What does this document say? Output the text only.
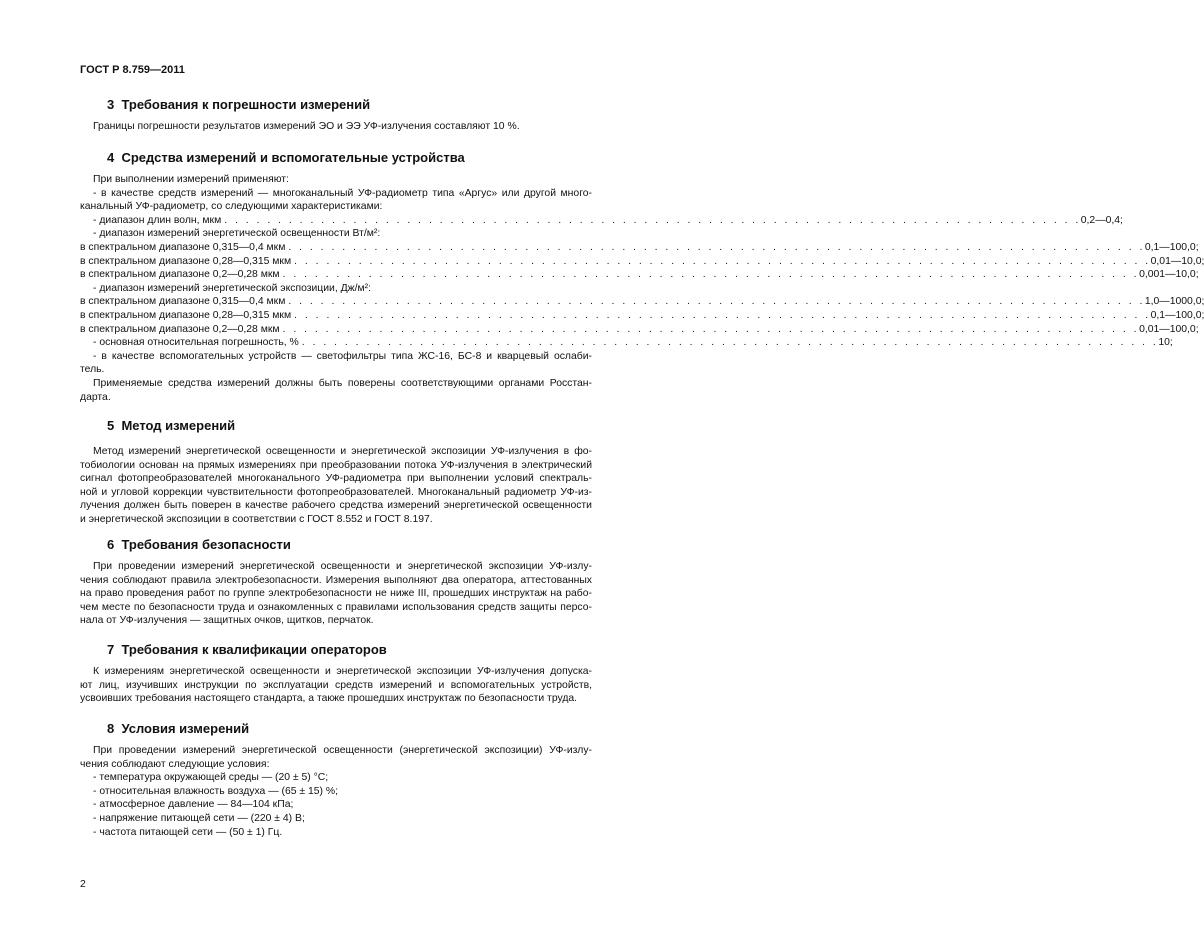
ГОСТ Р 8.759—2011
3  Требования к погрешности измерений
Границы погрешности результатов измерений ЭО и ЭЭ УФ-излучения составляют 10 %.
4  Средства измерений и вспомогательные устройства
При выполнении измерений применяют:
- в качестве средств измерений — многоканальный УФ-радиометр типа «Аргус» или другой много-
канальный УФ-радиометр, со следующими характеристиками:
- диапазон длин волн, мкм . . . . . . . . . . . . . . . . . . . . . . . . . . . . . . . . . . . . . . . . . . . . . . . . . . . . . . . . . . . . . . . . . . . . . . . . . . . . . . . . 0,2—0,4;
- диапазон измерений энергетической освещенности Вт/м²:
в спектральном диапазоне 0,315—0,4 мкм . . . . . . . . . . . . . . . . . . . . . . . . . . . . . . . . . . . . . . . . . . . . . . . . . . . . . . . . . . . . . . . . . . . . . . . . . . . . . . . . 0,1—100,0;
в спектральном диапазоне 0,28—0,315 мкм . . . . . . . . . . . . . . . . . . . . . . . . . . . . . . . . . . . . . . . . . . . . . . . . . . . . . . . . . . . . . . . . . . . . . . . . . . . . . . . . 0,01—10,0;
в спектральном диапазоне 0,2—0,28 мкм . . . . . . . . . . . . . . . . . . . . . . . . . . . . . . . . . . . . . . . . . . . . . . . . . . . . . . . . . . . . . . . . . . . . . . . . . . . . . . . . 0,001—10,0;
- диапазон измерений энергетической экспозиции, Дж/м²:
в спектральном диапазоне 0,315—0,4 мкм . . . . . . . . . . . . . . . . . . . . . . . . . . . . . . . . . . . . . . . . . . . . . . . . . . . . . . . . . . . . . . . . . . . . . . . . . . . . . . . . 1,0—1000,0;
в спектральном диапазоне 0,28—0,315 мкм . . . . . . . . . . . . . . . . . . . . . . . . . . . . . . . . . . . . . . . . . . . . . . . . . . . . . . . . . . . . . . . . . . . . . . . . . . . . . . . . 0,1—100,0;
в спектральном диапазоне 0,2—0,28 мкм . . . . . . . . . . . . . . . . . . . . . . . . . . . . . . . . . . . . . . . . . . . . . . . . . . . . . . . . . . . . . . . . . . . . . . . . . . . . . . . . 0,01—100,0;
- основная относительная погрешность, % . . . . . . . . . . . . . . . . . . . . . . . . . . . . . . . . . . . . . . . . . . . . . . . . . . . . . . . . . . . . . . . . . . . . . . . . . . . . . . . . 10;
- в качестве вспомогательных устройств — светофильтры типа ЖС-16, БС-8 и кварцевый ослаби-
тель.
Применяемые средства измерений должны быть поверены соответствующими органами Росстан-
дарта.
5  Метод измерений
Метод измерений энергетической освещенности и энергетической экспозиции УФ-излучения в фо-
тобиологии основан на прямых измерениях при преобразовании потока УФ-излучения в электрический
сигнал фотопреобразователей многоканального УФ-радиометра при выполнении условий спектраль-
ной и угловой коррекции чувствительности фотопреобразователей. Многоканальный радиометр УФ-из-
лучения должен быть поверен в качестве рабочего средства измерений энергетической освещенности
и энергетической экспозиции в соответствии с ГОСТ 8.552 и ГОСТ 8.197.
6  Требования безопасности
При проведении измерений энергетической освещенности и энергетической экспозиции УФ-излу-
чения соблюдают правила электробезопасности. Измерения выполняют два оператора, аттестованных
на право проведения работ по группе электробезопасности не ниже III, прошедших инструктаж на рабо-
чем месте по безопасности труда и ознакомленных с правилами использования средств защиты персо-
нала от УФ-излучения — защитных очков, щитков, перчаток.
7  Требования к квалификации операторов
К измерениям энергетической освещенности и энергетической экспозиции УФ-излучения допуска-
ют лиц, изучивших инструкции по эксплуатации средств измерений и вспомогательных устройств,
усвоивших требования настоящего стандарта, а также прошедших инструктаж по безопасности труда.
8  Условия измерений
При проведении измерений энергетической освещенности (энергетической экспозиции) УФ-излу-
чения соблюдают следующие условия:
- температура окружающей среды — (20 ± 5) °С;
- относительная влажность воздуха — (65 ± 15) %;
- атмосферное давление — 84—104 кПа;
- напряжение питающей сети — (220 ± 4) В;
- частота питающей сети — (50 ± 1) Гц.
2
